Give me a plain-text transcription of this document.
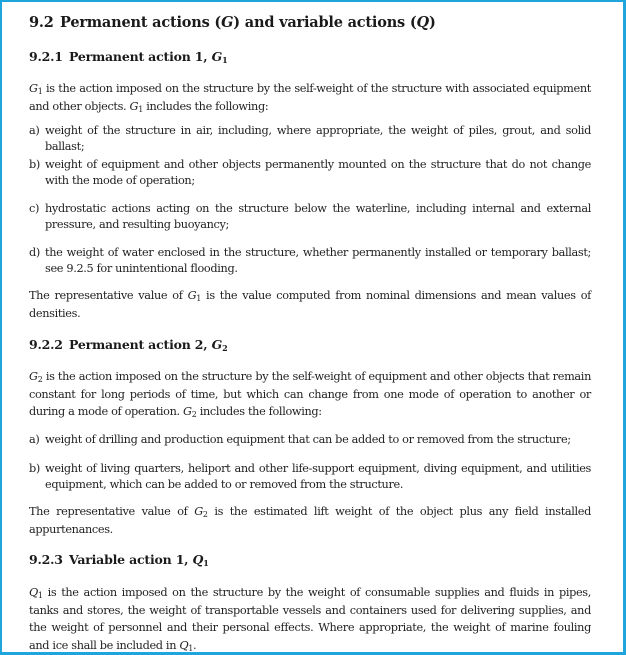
9.2 Permanent actions (G) and variable actions (Q)
9.2.1 Permanent action 1, $G_1$

$G_1$ is the action imposed on the structure by the self-weight of the structure with associated equipment and other objects. $G_1$ includes the following:

a) weight of the structure in air, including, where appropriate, the weight of piles, grout, and solid ballast;
b) weight of equipment and other objects permanently mounted on the structure that do not change with the mode of operation;
c) hydrostatic actions acting on the structure below the waterline, including internal and external pressure, and resulting buoyancy;
d) the weight of water enclosed in the structure, whether permanently installed or temporary ballast; see 9.2.5 for unintentional flooding.

The representative value of $G_1$ is the value computed from nominal dimensions and mean values of densities.

9.2.2 Permanent action 2, $G_2$

$G_2$ is the action imposed on the structure by the self-weight of equipment and other objects that remain constant for long periods of time, but which can change from one mode of operation to another or during a mode of operation. $G_2$ includes the following:

a) weight of drilling and production equipment that can be added to or removed from the structure;
b) weight of living quarters, heliport and other life-support equipment, diving equipment, and utilities equipment, which can be added to or removed from the structure.

The representative value of $G_2$ is the estimated lift weight of the object plus any field installed appurtenances.

9.2.3 Variable action 1, $Q_1$

$Q_1$ is the action imposed on the structure by the weight of consumable supplies and fluids in pipes, tanks and stores, the weight of transportable vessels and containers used for delivering supplies, and the weight of personnel and their personal effects. Where appropriate, the weight of marine fouling and ice shall be included in $Q_1$.
